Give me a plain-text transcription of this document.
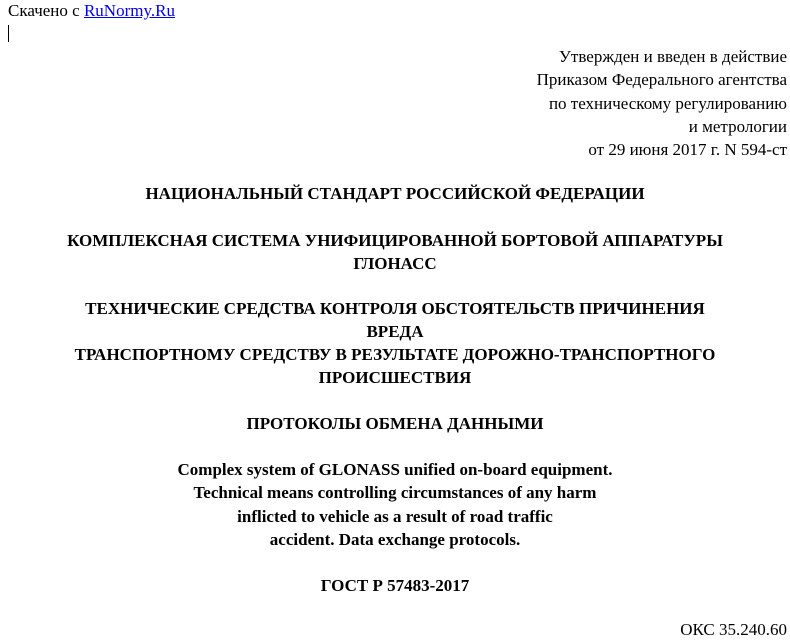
Скачено с RuNormy.Ru
Утвержден и введен в действие
Приказом Федерального агентства
по техническому регулированию
и метрологии
от 29 июня 2017 г. N 594-ст
НАЦИОНАЛЬНЫЙ СТАНДАРТ РОССИЙСКОЙ ФЕДЕРАЦИИ
КОМПЛЕКСНАЯ СИСТЕМА УНИФИЦИРОВАННОЙ БОРТОВОЙ АППАРАТУРЫ
ГЛОНАСС
ТЕХНИЧЕСКИЕ СРЕДСТВА КОНТРОЛЯ ОБСТОЯТЕЛЬСТВ ПРИЧИНЕНИЯ
ВРЕДА
ТРАНСПОРТНОМУ СРЕДСТВУ В РЕЗУЛЬТАТЕ ДОРОЖНО-ТРАНСПОРТНОГО
ПРОИСШЕСТВИЯ
ПРОТОКОЛЫ ОБМЕНА ДАННЫМИ
Complex system of GLONASS unified on-board equipment.
Technical means controlling circumstances of any harm
inflicted to vehicle as a result of road traffic
accident. Data exchange protocols.
ГОСТ Р 57483-2017
ОКС 35.240.60
